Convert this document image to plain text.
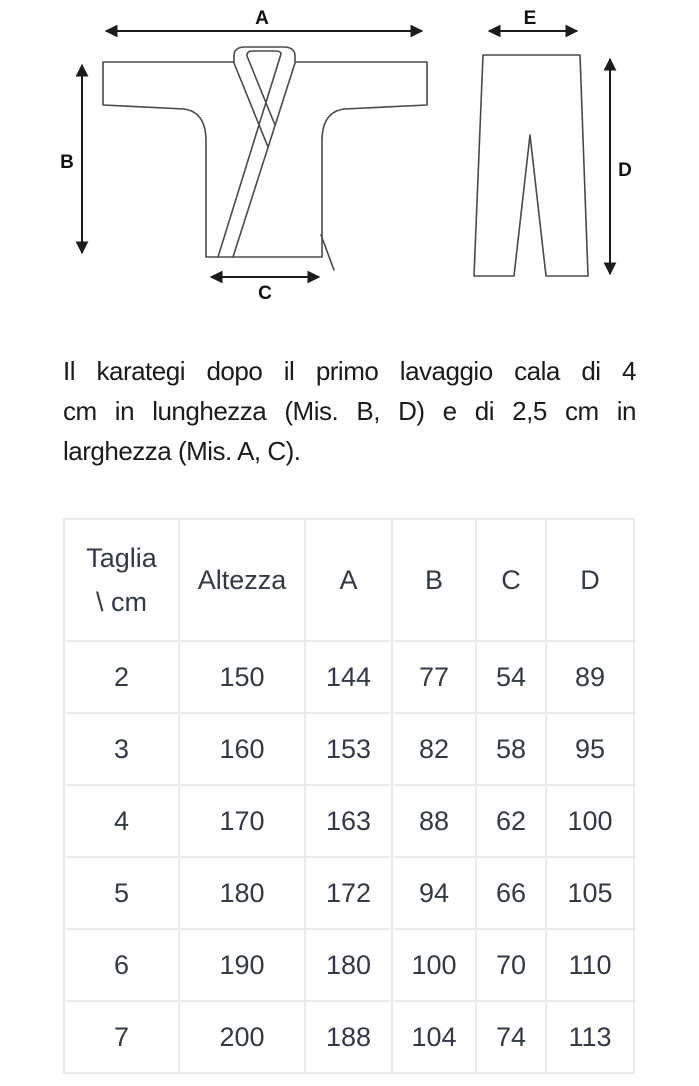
A
B
C
E
D
Il karategi dopo il primo lavaggio cala di 4
cm in lunghezza (Mis. B, D) e di 2,5 cm in
larghezza (Mis. A, C).
Taglia
\ cm	Altezza	A	B	C	D
2	150	144	77	54	89
3	160	153	82	58	95
4	170	163	88	62	100
5	180	172	94	66	105
6	190	180	100	70	110
7	200	188	104	74	113
